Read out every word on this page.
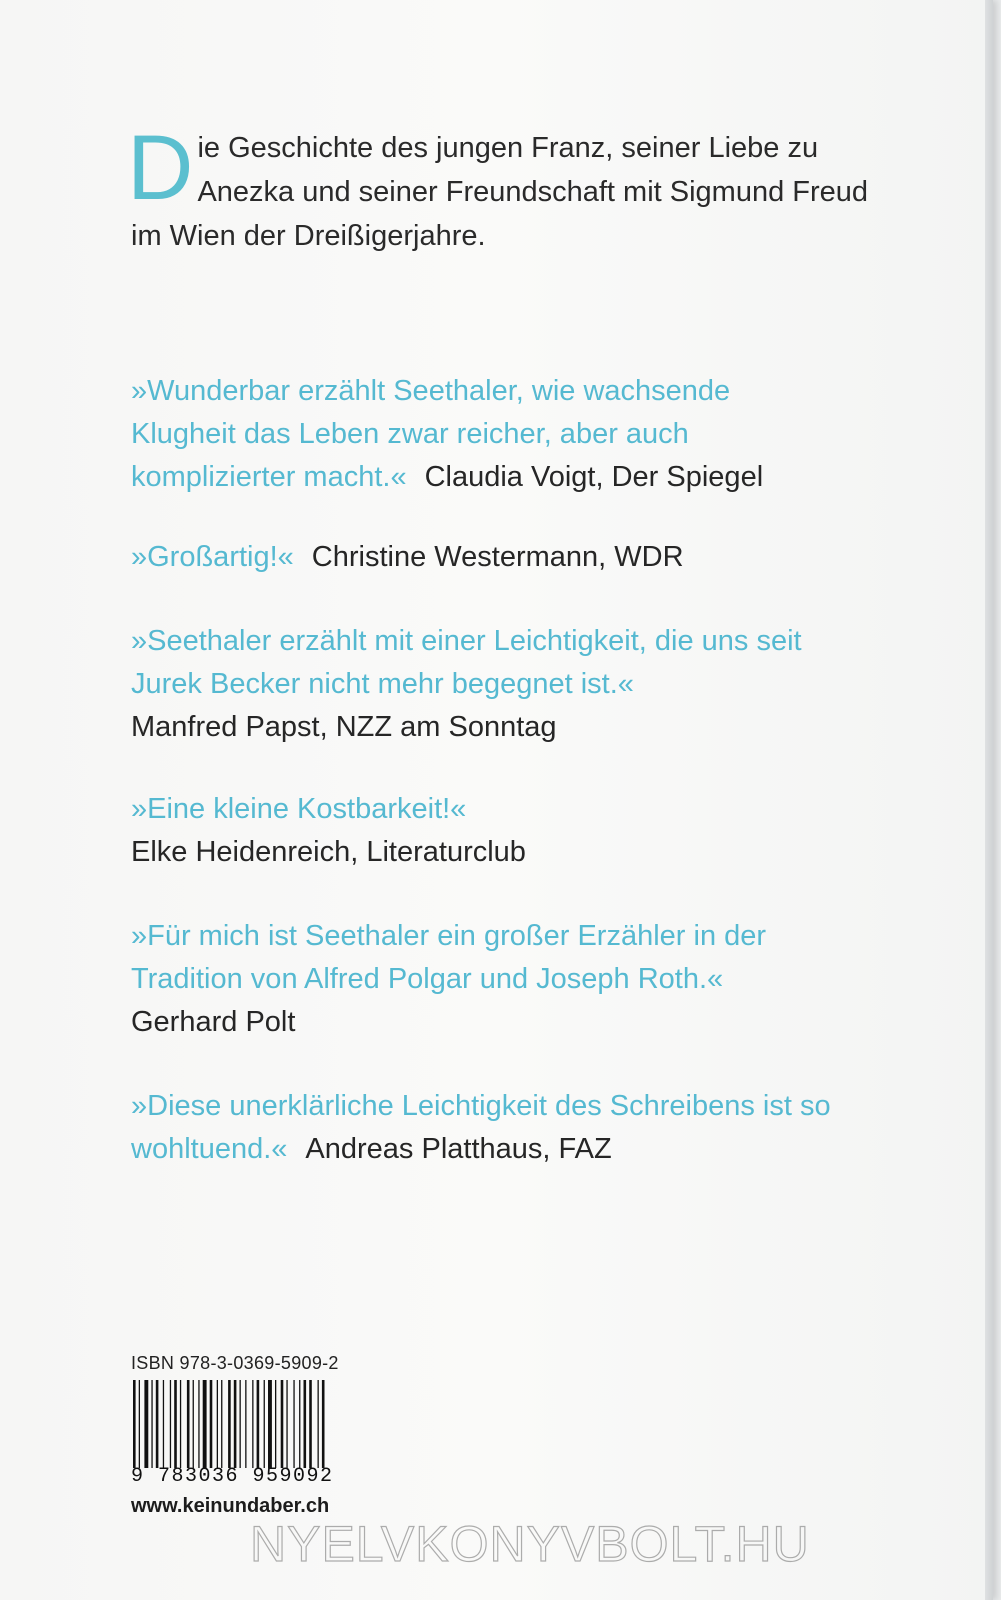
Die Geschichte des jungen Franz, seiner Liebe zu Anezka und seiner Freundschaft mit Sigmund Freud im Wien der Dreißigerjahre.
»Wunderbar erzählt Seethaler, wie wachsende Klugheit das Leben zwar reicher, aber auch komplizierter macht.« Claudia Voigt, Der Spiegel
»Großartig!« Christine Westermann, WDR
»Seethaler erzählt mit einer Leichtigkeit, die uns seit Jurek Becker nicht mehr begegnet ist.«
Manfred Papst, NZZ am Sonntag
»Eine kleine Kostbarkeit!«
Elke Heidenreich, Literaturclub
»Für mich ist Seethaler ein großer Erzähler in der Tradition von Alfred Polgar und Joseph Roth.«
Gerhard Polt
»Diese unerklärliche Leichtigkeit des Schreibens ist so wohltuend.« Andreas Platthaus, FAZ
ISBN 978-3-0369-5909-2
9 783036 959092
www.keinundaber.ch
NYELVKONYVBOLT.HU
